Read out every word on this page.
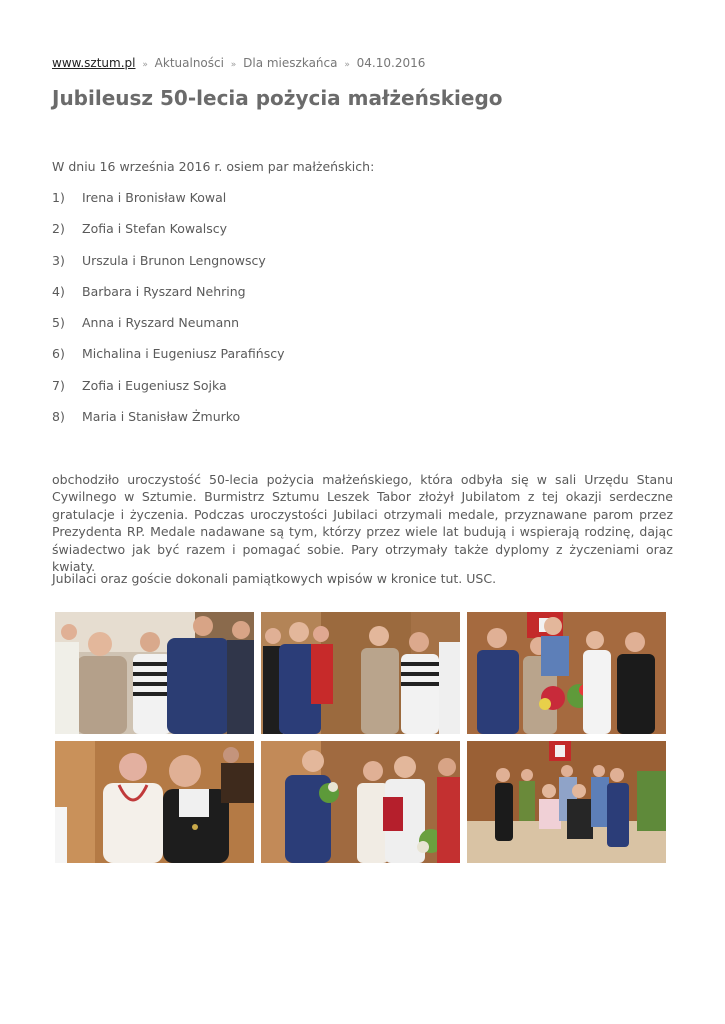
www.sztum.pl » Aktualności » Dla mieszkańca » 04.10.2016
Jubileusz 50-lecia pożycia małżeńskiego
W dniu 16 września 2016 r. osiem par małżeńskich:
1)	Irena i Bronisław Kowal
2)	Zofia i Stefan Kowalscy
3)	Urszula i Brunon Lengnowscy
4)	Barbara i Ryszard Nehring
5)	Anna i Ryszard Neumann
6)	Michalina i Eugeniusz Parafińscy
7)	Zofia i Eugeniusz Sojka
8)	Maria i Stanisław Żmurko

obchodziło uroczystość 50-lecia pożycia małżeńskiego, która odbyła się w sali Urzędu Stanu Cywilnego w Sztumie. Burmistrz Sztumu Leszek Tabor złożył Jubilatom z tej okazji serdeczne gratulacje i życzenia. Podczas uroczystości Jubilaci otrzymali medale, przyznawane parom przez Prezydenta RP. Medale nadawane są tym, którzy przez wiele lat budują i wspierają rodzinę, dając świadectwo jak być razem i pomagać sobie. Pary otrzymały także dyplomy z życzeniami oraz kwiaty.

Jubilaci oraz goście dokonali pamiątkowych wpisów w kronice tut. USC.
